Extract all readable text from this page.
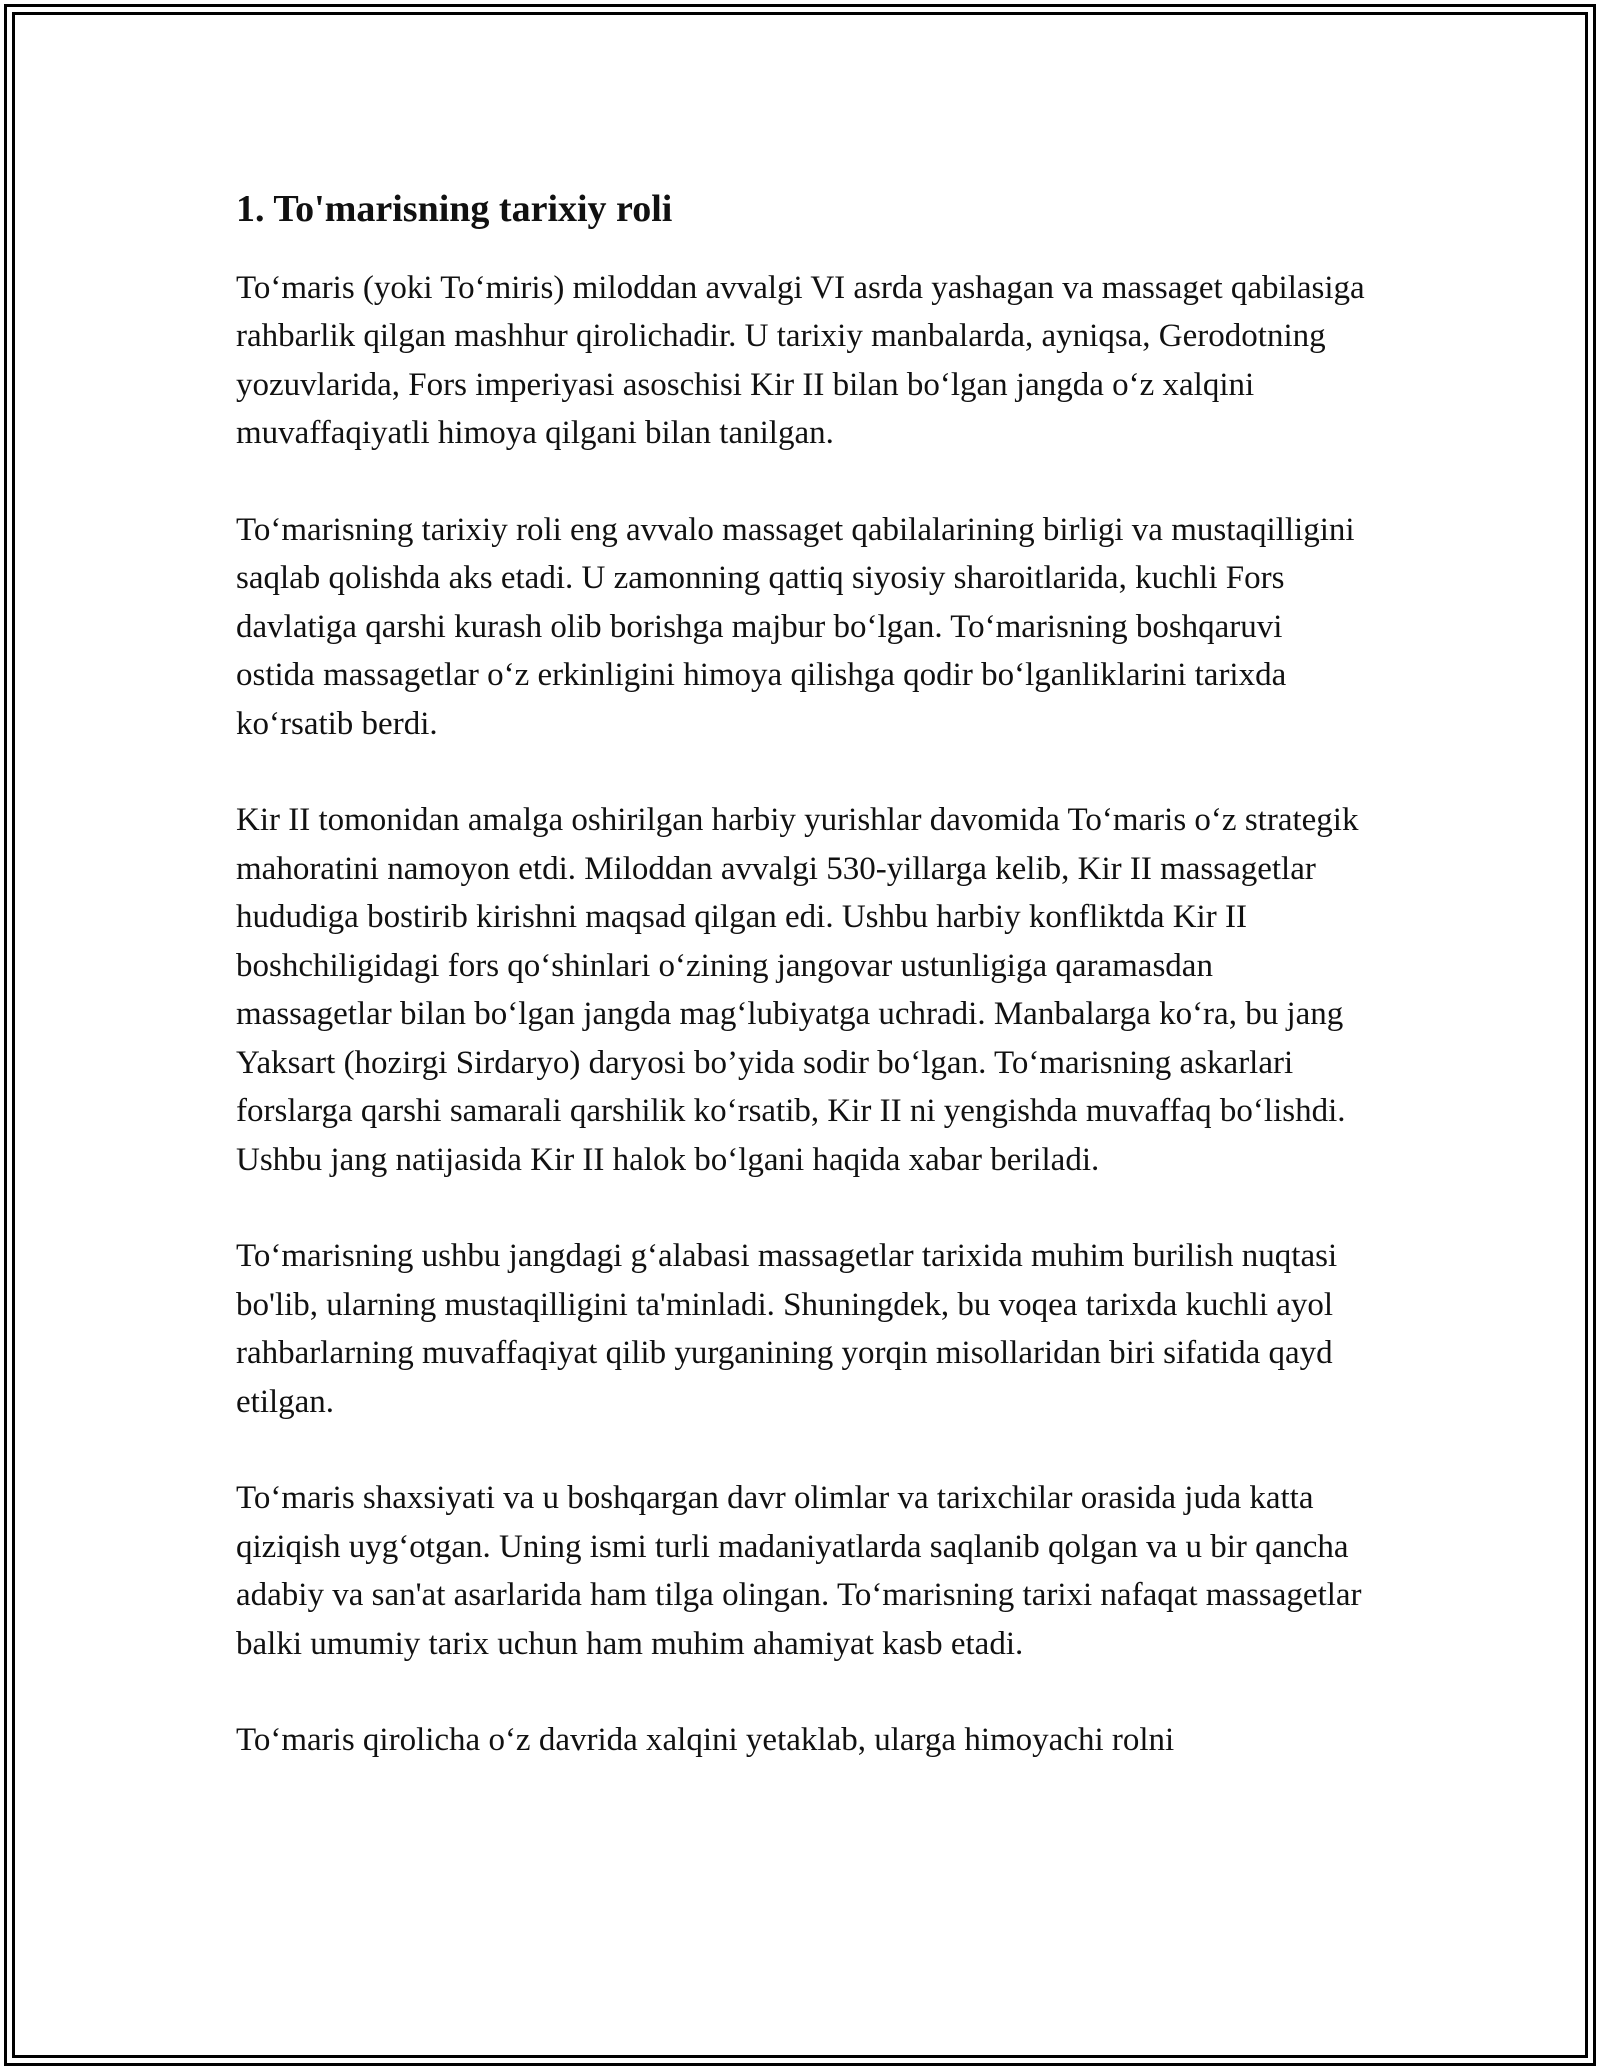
1. To'marisning tarixiy roli

To‘maris (yoki To‘miris) miloddan avvalgi VI asrda yashagan va massaget qabilasiga rahbarlik qilgan mashhur qirolichadir. U tarixiy manbalarda, ayniqsa, Gerodotning yozuvlarida, Fors imperiyasi asoschisi Kir II bilan bo‘lgan jangda o‘z xalqini muvaffaqiyatli himoya qilgani bilan tanilgan.

To‘marisning tarixiy roli eng avvalo massaget qabilalarining birligi va mustaqilligini saqlab qolishda aks etadi. U zamonning qattiq siyosiy sharoitlarida, kuchli Fors davlatiga qarshi kurash olib borishga majbur bo‘lgan. To‘marisning boshqaruvi ostida massagetlar o‘z erkinligini himoya qilishga qodir bo‘lganliklarini tarixda ko‘rsatib berdi.

Kir II tomonidan amalga oshirilgan harbiy yurishlar davomida To‘maris o‘z strategik mahoratini namoyon etdi. Miloddan avvalgi 530-yillarga kelib, Kir II massagetlar hududiga bostirib kirishni maqsad qilgan edi. Ushbu harbiy konfliktda Kir II boshchiligidagi fors qo‘shinlari o‘zining jangovar ustunligiga qaramasdan massagetlar bilan bo‘lgan jangda mag‘lubiyatga uchradi. Manbalarga ko‘ra, bu jang Yaksart (hozirgi Sirdaryo) daryosi bo’yida sodir bo‘lgan. To‘marisning askarlari forslarga qarshi samarali qarshilik ko‘rsatib, Kir II ni yengishda muvaffaq bo‘lishdi. Ushbu jang natijasida Kir II halok bo‘lgani haqida xabar beriladi.

To‘marisning ushbu jangdagi g‘alabasi massagetlar tarixida muhim burilish nuqtasi bo'lib, ularning mustaqilligini ta'minladi. Shuningdek, bu voqea tarixda kuchli ayol rahbarlarning muvaffaqiyat qilib yurganining yorqin misollaridan biri sifatida qayd etilgan.

To‘maris shaxsiyati va u boshqargan davr olimlar va tarixchilar orasida juda katta qiziqish uyg‘otgan. Uning ismi turli madaniyatlarda saqlanib qolgan va u bir qancha adabiy va san'at asarlarida ham tilga olingan. To‘marisning tarixi nafaqat massagetlar balki umumiy tarix uchun ham muhim ahamiyat kasb etadi.

To‘maris qirolicha o‘z davrida xalqini yetaklab, ularga himoyachi rolni
